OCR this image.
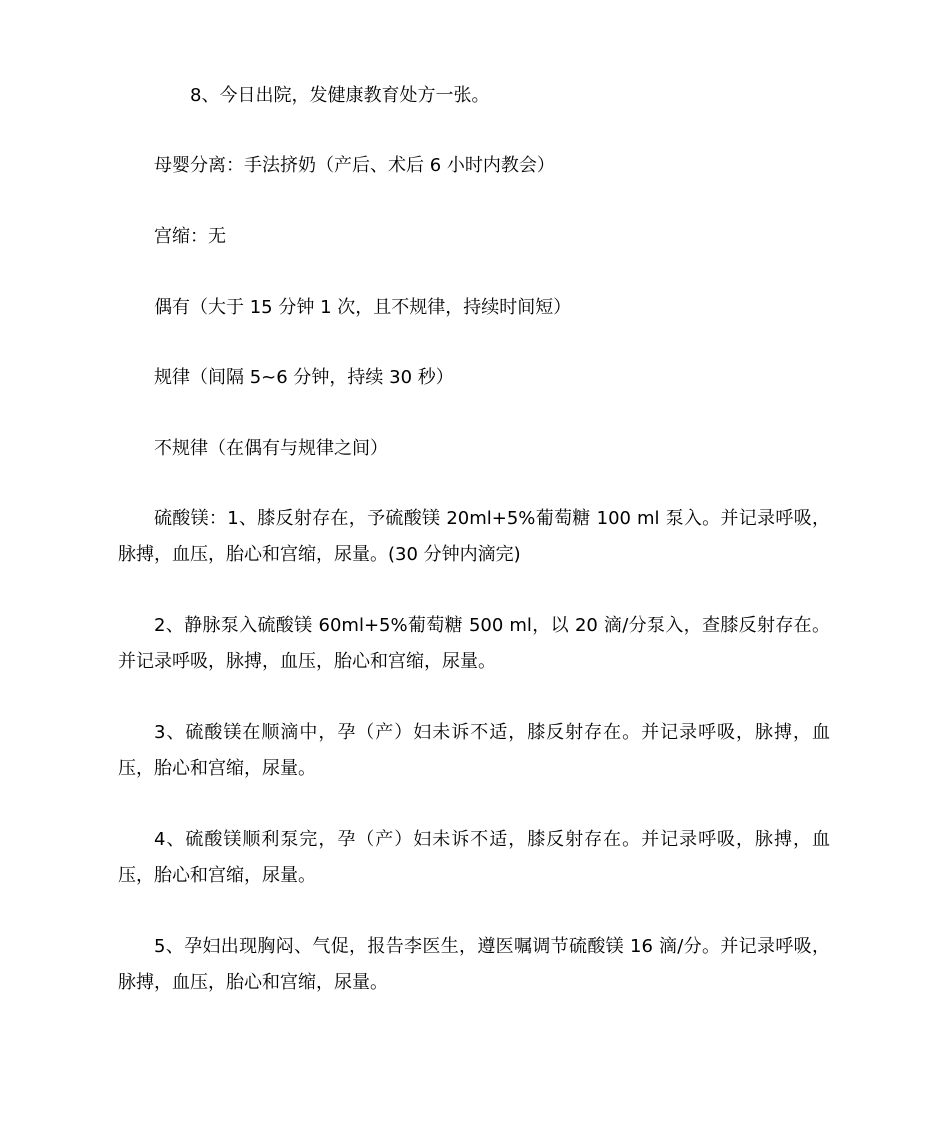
8、今日出院，发健康教育处方一张。

母婴分离：手法挤奶（产后、术后 6 小时内教会）

宫缩：无

偶有（大于 15 分钟 1 次，且不规律，持续时间短）

规律（间隔 5~6 分钟，持续 30 秒）

不规律（在偶有与规律之间）

硫酸镁：1、膝反射存在，予硫酸镁 20ml+5%葡萄糖 100 ml 泵入。并记录呼吸，脉搏，血压，胎心和宫缩，尿量。(30 分钟内滴完)

2、静脉泵入硫酸镁 60ml+5%葡萄糖 500 ml，以 20 滴/分泵入，查膝反射存在。并记录呼吸，脉搏，血压，胎心和宫缩，尿量。

3、硫酸镁在顺滴中，孕（产）妇未诉不适，膝反射存在。并记录呼吸，脉搏，血压，胎心和宫缩，尿量。

4、硫酸镁顺利泵完，孕（产）妇未诉不适，膝反射存在。并记录呼吸，脉搏，血压，胎心和宫缩，尿量。

5、孕妇出现胸闷、气促，报告李医生，遵医嘱调节硫酸镁 16 滴/分。并记录呼吸，脉搏，血压，胎心和宫缩，尿量。
